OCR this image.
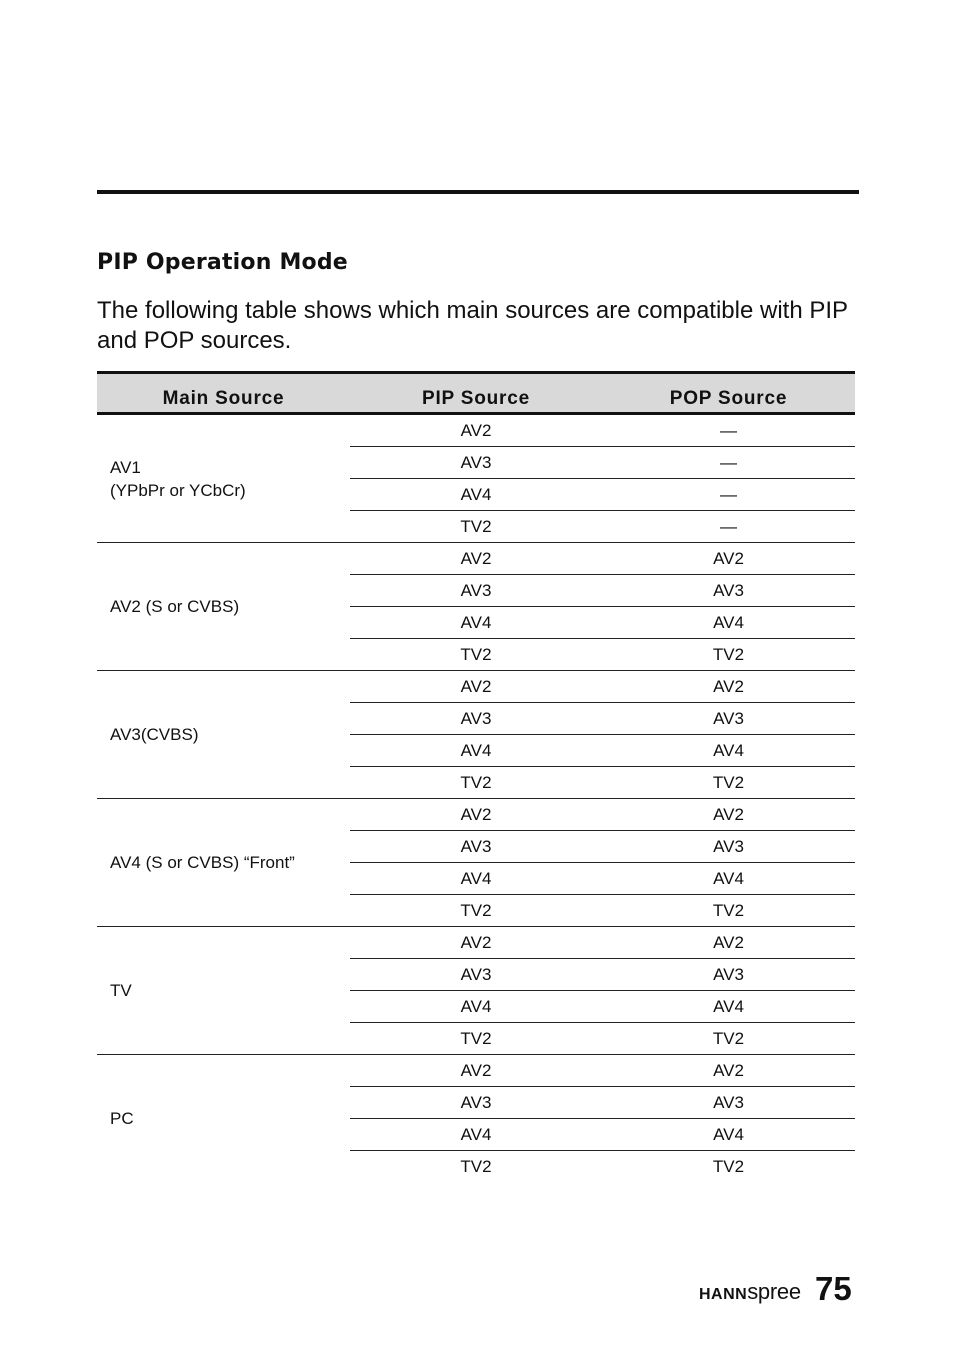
PIP Operation Mode

The following table shows which main sources are compatible with PIP and POP sources.

Main Source	PIP Source	POP Source

AV1
(YPbPr or YCbCr)	AV2	—
	AV3	—
	AV4	—
	TV2	—

AV2 (S or CVBS)	AV2	AV2
	AV3	AV3
	AV4	AV4
	TV2	TV2

AV3(CVBS)	AV2	AV2
	AV3	AV3
	AV4	AV4
	TV2	TV2

AV4 (S or CVBS) “Front”	AV2	AV2
	AV3	AV3
	AV4	AV4
	TV2	TV2

TV	AV2	AV2
	AV3	AV3
	AV4	AV4
	TV2	TV2

PC	AV2	AV2
	AV3	AV3
	AV4	AV4
	TV2	TV2
HANNspree 75
